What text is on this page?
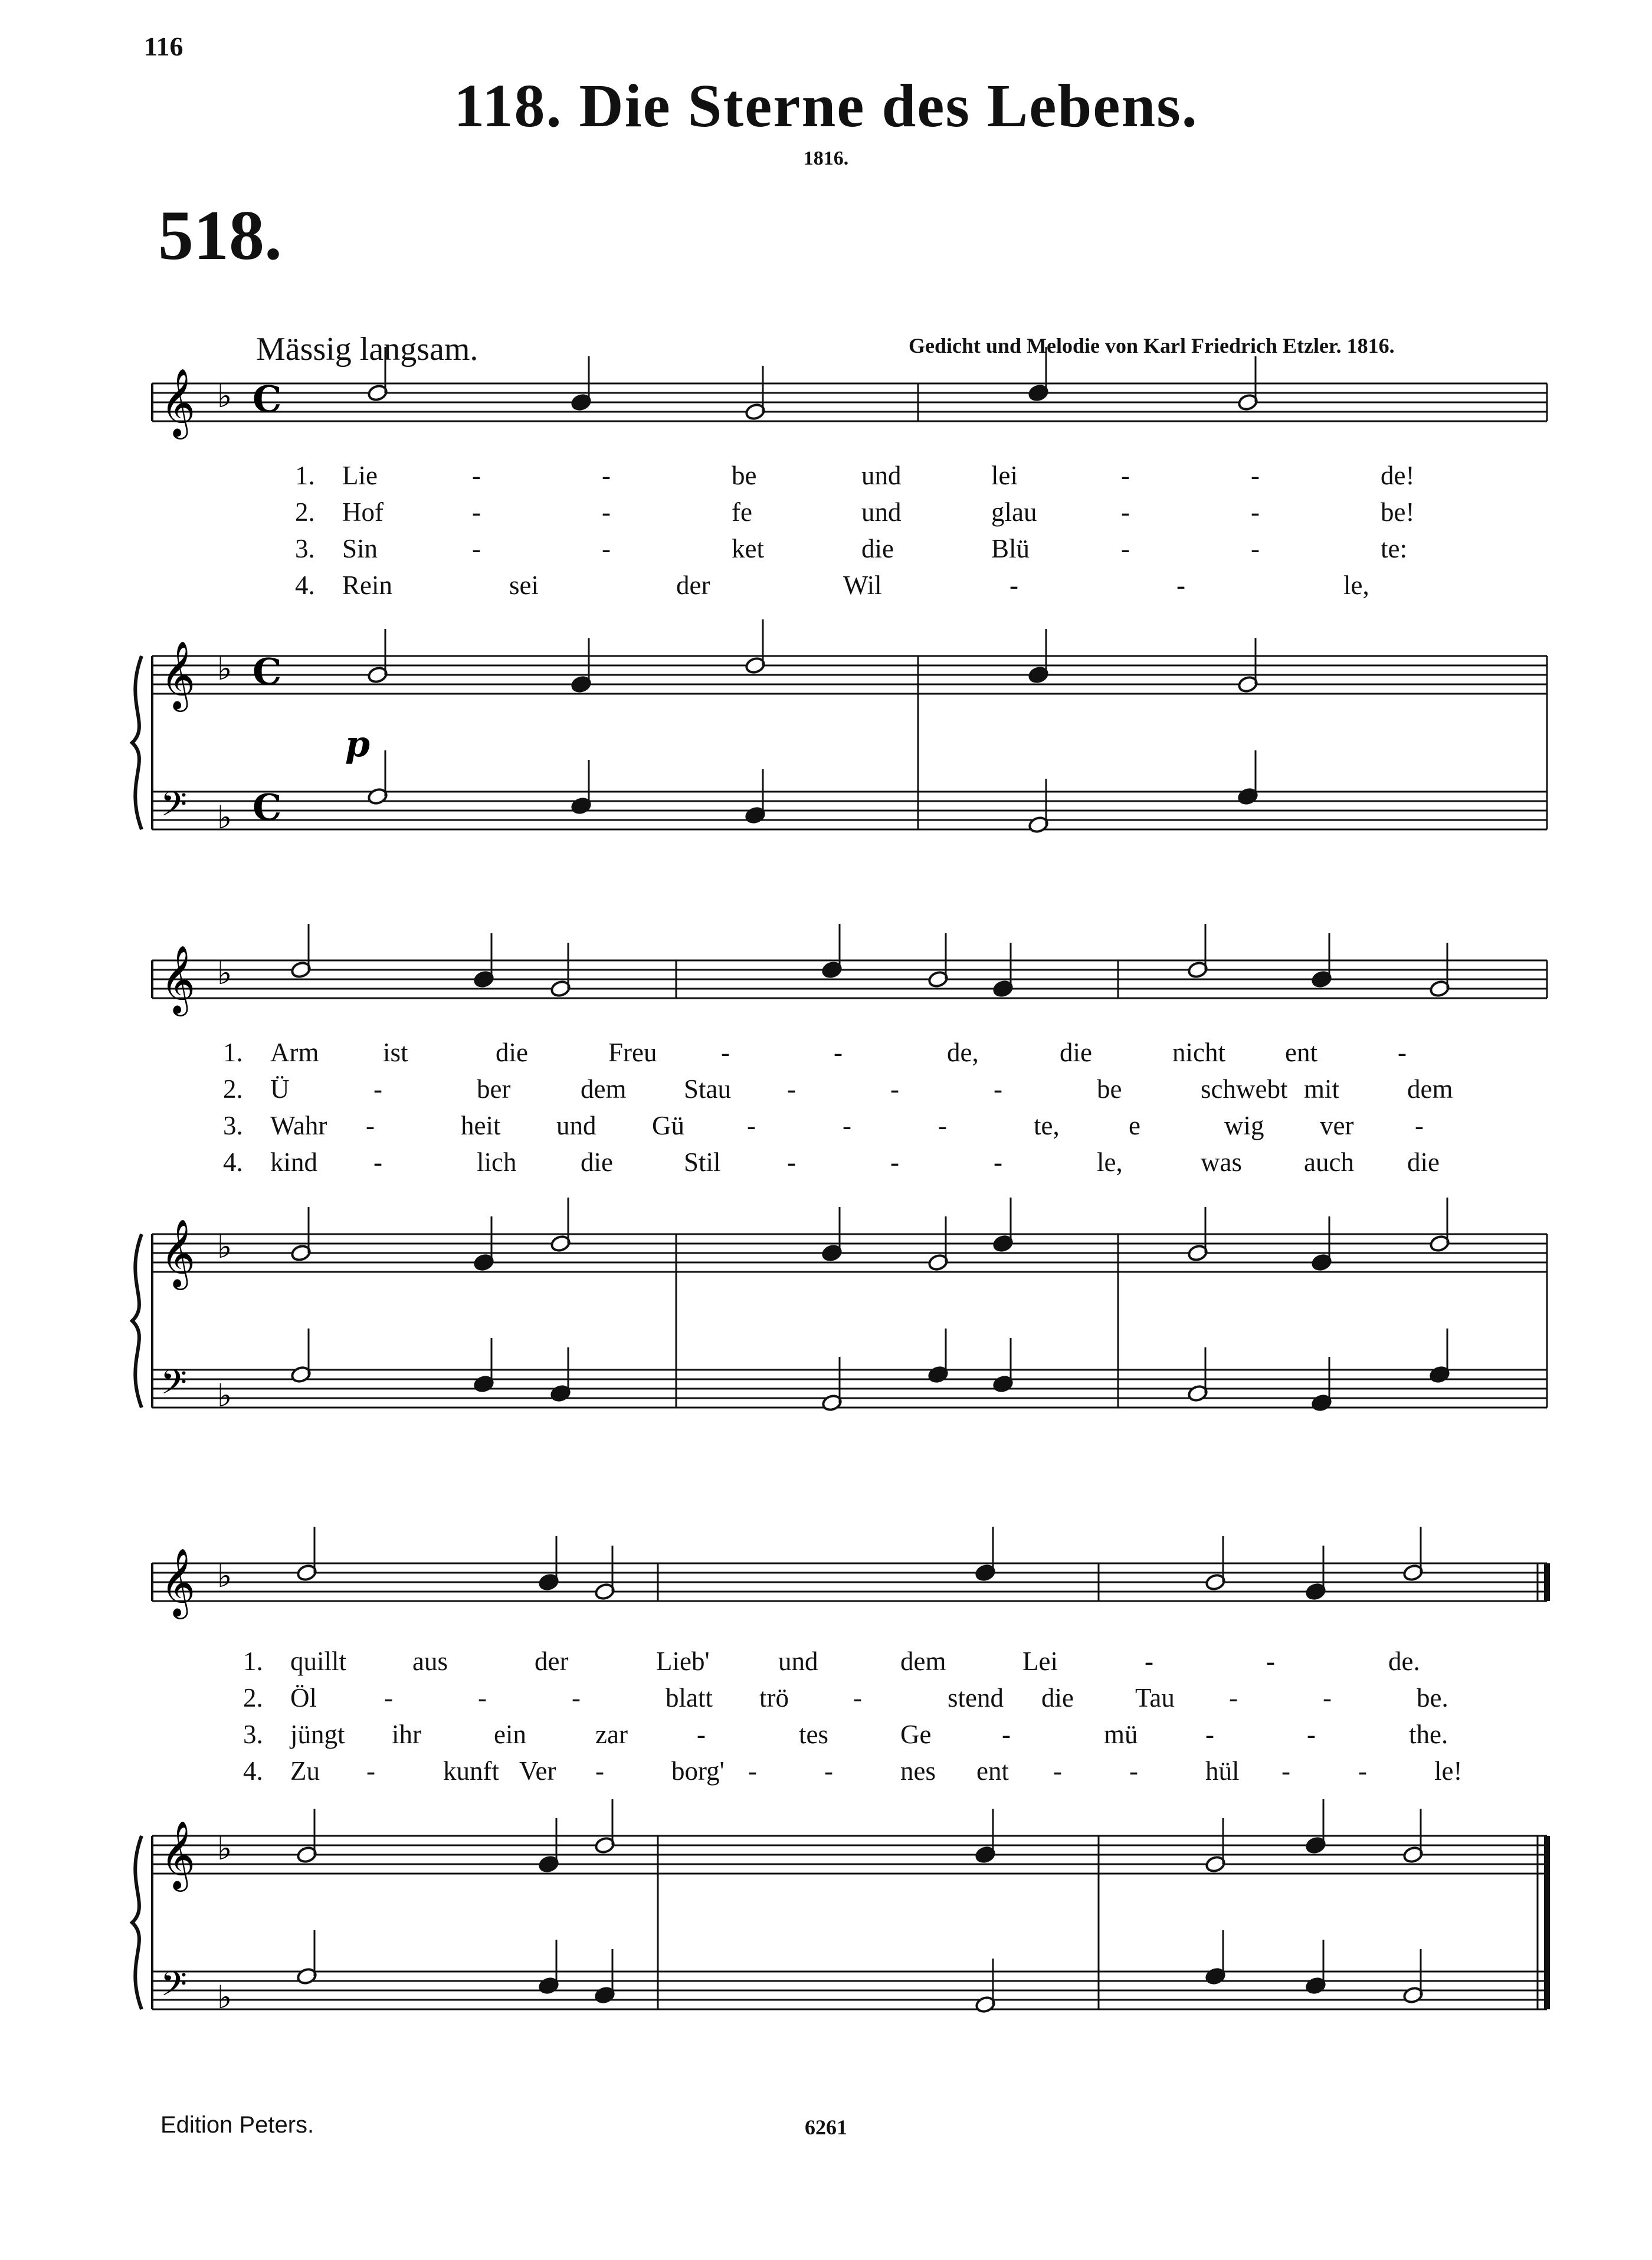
116
118. Die Sterne des Lebens.
1816.
518.
Mässig langsam.	Gedicht und Melodie von Karl Friedrich Etzler. 1816.
𝄞 ♭ C
𝄞 ♭ C
𝄢 ♭ C
𝄞 ♭
𝄞 ♭
𝄢 ♭
𝄞 ♭
𝄞 ♭
𝄢 ♭
p
1. Lie	-	-	be	und	lei	-	-	de!
2. Hof	-	-	fe	und	glau	-	-	be!
3. Sin	-	-	ket	die	Blü	-	-	te:
4. Rein	sei	der	Wil	-	-	le,
1. Arm ist	die	Freu -	-	de,	die	nicht ent	-
2. Ü	-	ber	dem Stau -	-	-	be	schwebt mit	dem
3. Wahr -	heit und Gü -	-	-	te,	e	wig ver -
4. kind -	lich die	Stil -	-	-	le,	was auch die
1. quillt aus	der	Lieb'	und	dem	Lei	-	-	de.
2. Öl	-	-	-	blatt trö -	stend die Tau -	-	be.
3. jüngt ihr	ein	zar	-	tes	Ge	-	mü	-	-	the.
4. Zu -	kunft Ver -	borg' -	-	nes ent -	-	hül -	-	le!
Edition Peters.	6261
